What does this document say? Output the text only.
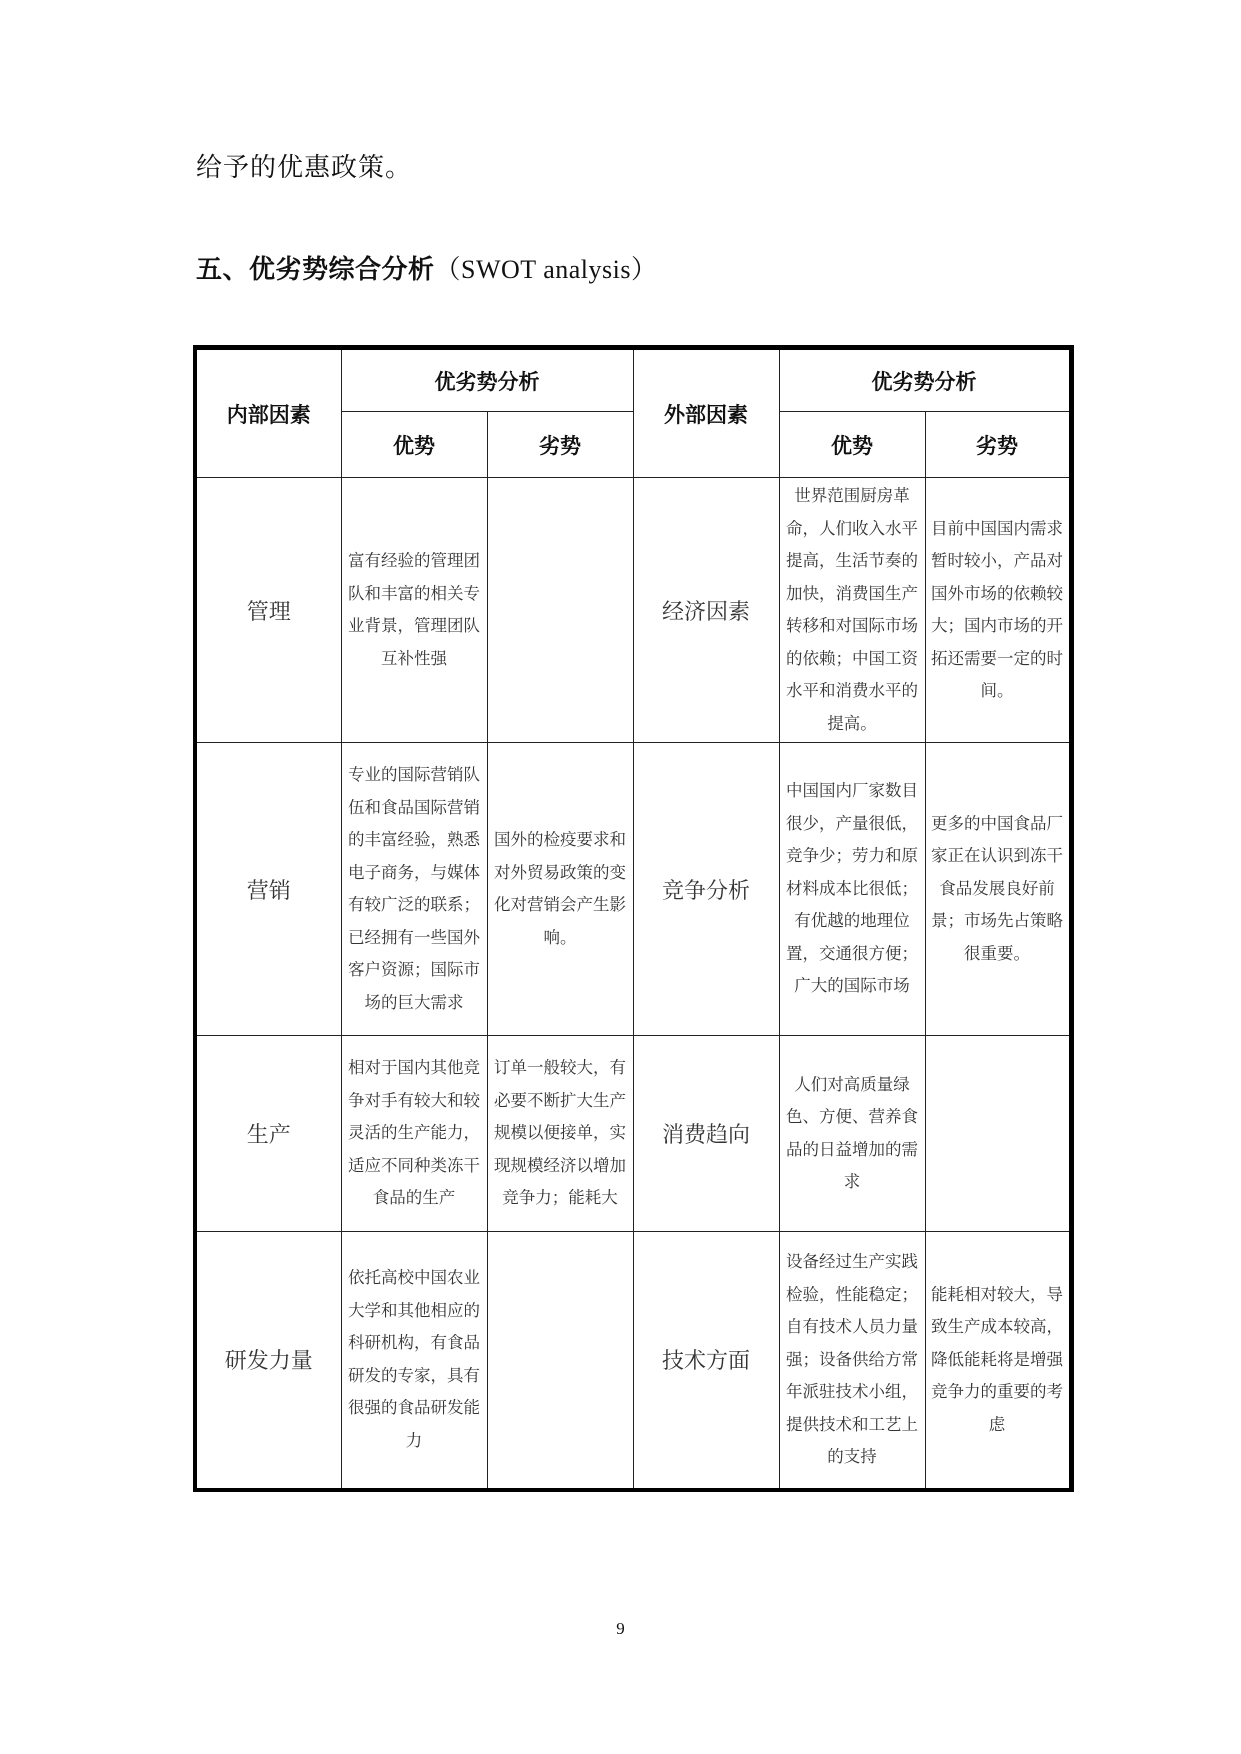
给予的优惠政策。
五、优劣势综合分析（SWOT analysis）
内部因素	优劣势分析		外部因素	优劣势分析	
	优势	劣势		优势	劣势
管理	富有经验的管理团队和丰富的相关专业背景，管理团队互补性强		经济因素	世界范围厨房革命，人们收入水平提高，生活节奏的加快，消费国生产转移和对国际市场的依赖；中国工资水平和消费水平的提高。	目前中国国内需求暂时较小，产品对国外市场的依赖较大；国内市场的开拓还需要一定的时间。
营销	专业的国际营销队伍和食品国际营销的丰富经验，熟悉电子商务，与媒体有较广泛的联系；已经拥有一些国外客户资源；国际市场的巨大需求	国外的检疫要求和对外贸易政策的变化对营销会产生影响。	竞争分析	中国国内厂家数目很少，产量很低，竞争少；劳力和原材料成本比很低；有优越的地理位置，交通很方便；广大的国际市场	更多的中国食品厂家正在认识到冻干食品发展良好前景；市场先占策略很重要。
生产	相对于国内其他竞争对手有较大和较灵活的生产能力，适应不同种类冻干食品的生产	订单一般较大，有必要不断扩大生产规模以便接单，实现规模经济以增加竞争力；能耗大	消费趋向	人们对高质量绿色、方便、营养食品的日益增加的需求	
研发力量	依托高校中国农业大学和其他相应的科研机构，有食品研发的专家，具有很强的食品研发能力		技术方面	设备经过生产实践检验，性能稳定；自有技术人员力量强；设备供给方常年派驻技术小组，提供技术和工艺上的支持	能耗相对较大，导致生产成本较高，降低能耗将是增强竞争力的重要的考虑
9
